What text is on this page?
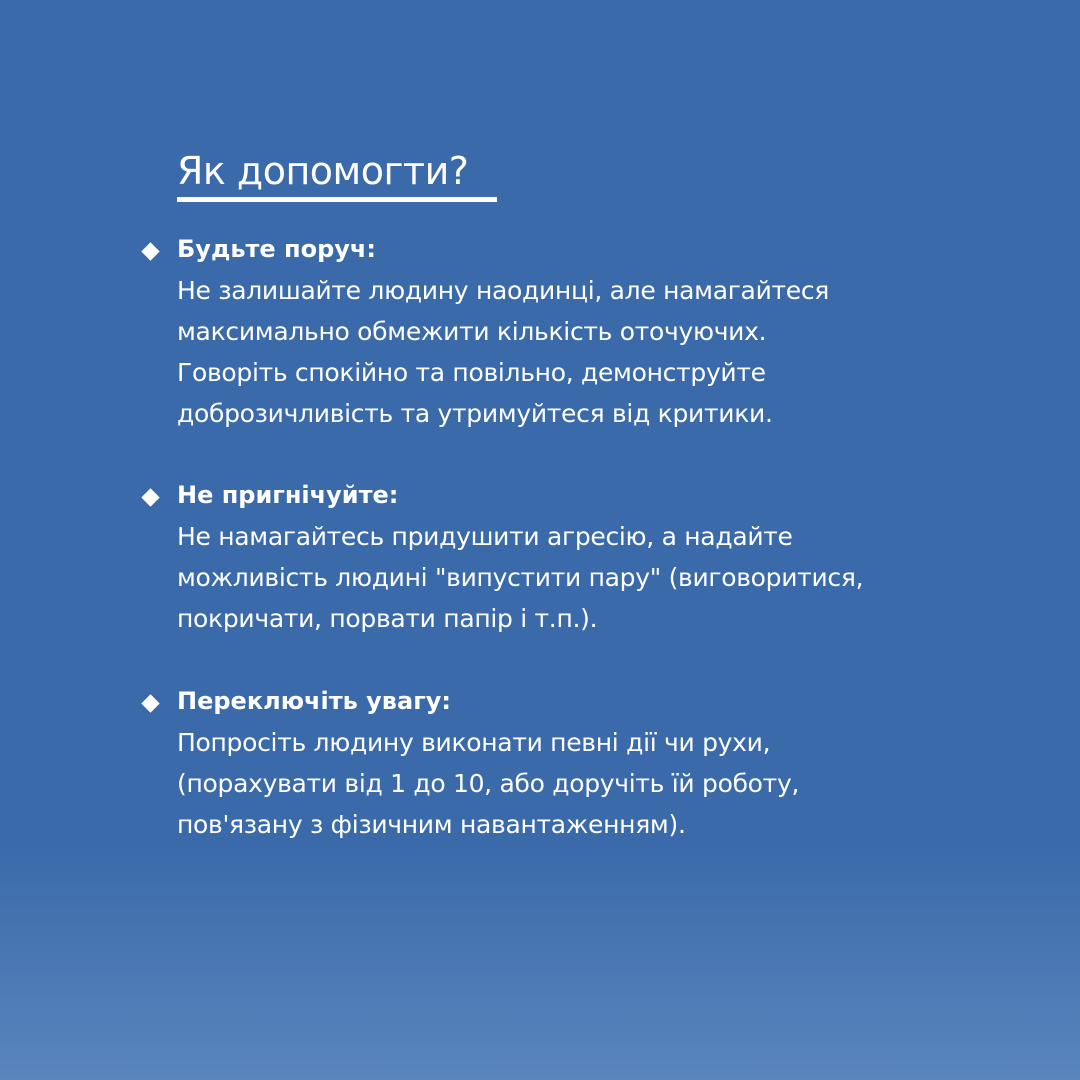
Як допомогти?
Будьте поруч:
Не залишайте людину наодинці, але намагайтеся
максимально обмежити кількість оточуючих.
Говоріть спокійно та повільно, демонструйте
доброзичливість та утримуйтеся від критики.
Не пригнічуйте:
Не намагайтесь придушити агресію, а надайте
можливість людині "випустити пару" (виговоритися,
покричати, порвати папір і т.п.).
Переключіть увагу:
Попросіть людину виконати певні дії чи рухи,
(порахувати від 1 до 10, або доручіть їй роботу,
пов'язану з фізичним навантаженням).
